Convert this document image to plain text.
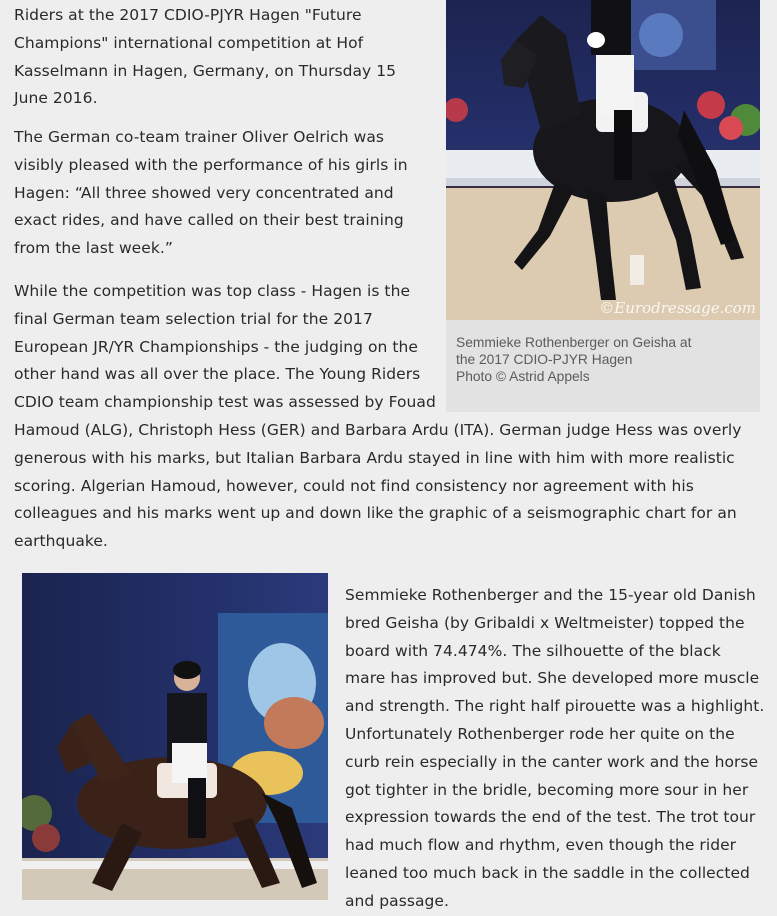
©Eurodressage.com
Semmieke Rothenberger on Geisha at
the 2017 CDIO-PJYR Hagen
Photo © Astrid Appels

Riders at the 2017 CDIO-PJYR Hagen "Future Champions" international competition at Hof Kasselmann in Hagen, Germany, on Thursday 15 June 2016.

The German co-team trainer Oliver Oelrich was visibly pleased with the performance of his girls in Hagen: “All three showed very concentrated and exact rides, and have called on their best training from the last week.”

While the competition was top class - Hagen is the final German team selection trial for the 2017 European JR/YR Championships - the judging on the other hand was all over the place. The Young Riders CDIO team championship test was assessed by Fouad Hamoud (ALG), Christoph Hess (GER) and Barbara Ardu (ITA). German judge Hess was overly generous with his marks, but Italian Barbara Ardu stayed in line with him with more realistic scoring. Algerian Hamoud, however, could not find consistency nor agreement with his colleagues and his marks went up and down like the graphic of a seismographic chart for an earthquake.

Semmieke Rothenberger and the 15-year old Danish bred Geisha (by Gribaldi x Weltmeister) topped the board with 74.474%. The silhouette of the black mare has improved but. She developed more muscle and strength. The right half pirouette was a highlight. Unfortunately Rothenberger rode her quite on the curb rein especially in the canter work and the horse got tighter in the bridle, becoming more sour in her expression towards the end of the test. The trot tour had much flow and rhythm, even though the rider leaned too much back in the saddle in the collected and passage.
